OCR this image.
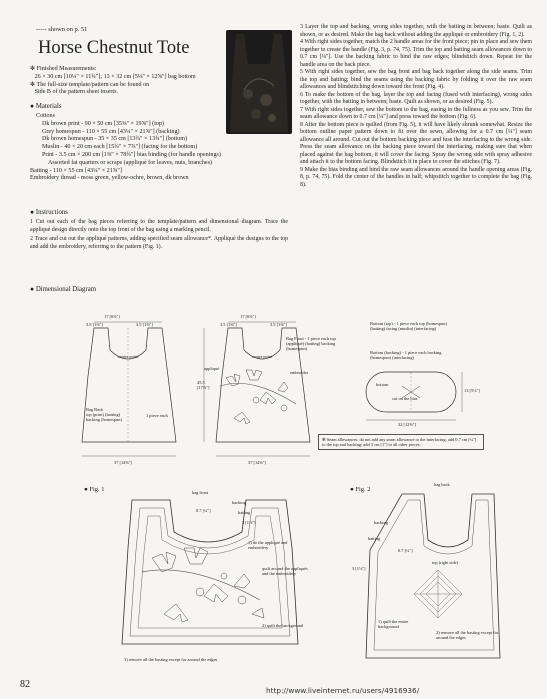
----- shown on p. 51
Horse Chestnut Tote
✻ Finished Measurements:
26 × 30 cm [10¼" × 11¾"]; 13 × 32 cm [5⅛" × 12⅝"] bag bottom
✻ The full-size template/pattern can be found on
Side B of the pattern sheet inserts.
● Materials
Cottons
Dk brown print - 90 × 50 cm [35⅜" × 19⅝"] (top)
Grey homespun - 110 × 55 cm [43¼" × 21⅝"] (backing)
Dk brown homespun - 35 × 35 cm [13¾" × 13¾"] (bottom)
Muslin - 40 × 20 cm each [15¾" × 7⅞"] (facing for the bottom)
Print - 3.5 cm × 200 cm [1⅜" × 78¾"] bias binding (for handle openings)
Assorted fat quarters or scraps (appliqué for leaves, nuts, branches)
Batting - 110 × 55 cm [43¼" × 21⅝"]
Embroidery thread - moss green, yellow-ochre, brown, dk brown
● Instructions

1 Cut out each of the bag pieces referring to the template/pattern and dimensional diagram. Trace the appliqué design directly onto the top front of the bag using a marking pencil.

2 Trace and cut out the appliqué patterns, adding specified seam allowance*. Appliqué the designs to the top and add the embroidery, referring to the pattern (Fig. 1).

● Dimensional Diagram

3 Layer the top and backing, wrong sides together, with the batting in between; baste. Quilt as shown, or as desired. Make the bag back without adding the appliqué or embroidery (Fig. 1, 2).

4 With right sides together, match the 2 handle areas for the front piece; pin in place and sew them together to create the handle (Fig. 3, p. 74, 75). Trim the top and batting seam allowances down to 0.7 cm [¼"]. Use the backing fabric to bind the raw edges; blindstitch down. Repeat for the handle area on the back piece.

5 With right sides together, sew the bag front and bag back together along the side seams. Trim the top and batting; bind the seams using the backing fabric by folding it over the raw seam allowances and blindstitching down toward the front (Fig. 4).

6 To make the bottom of the bag, layer the top and facing (fused with interfacing), wrong sides together, with the batting in between; baste. Quilt as shown, or as desired (Fig. 5).

7 With right sides together, sew the bottom to the bag, easing in the fullness as you sew. Trim the seam allowance down to 0.7 cm [¼"] and press toward the bottom (Fig. 6).

8 After the bottom piece is quilted (from Fig. 5), it will have likely shrunk somewhat. Resize the bottom outline paper pattern down to fit over the sewn, allowing for a 0.7 cm [¼"] seam allowance all around. Cut out the bottom backing piece and fuse the interfacing to the wrong side. Press the seam allowance on the backing piece toward the interfacing, making sure that when placed against the bag bottom, it will cover the facing. Spray the wrong side with spray adhesive and attach it to the bottom facing. Blindstitch it in place to cover the stitches (Fig. 7).

9 Make the bias binding and bind the raw seam allowances around the handle opening areas (Fig. 8, p. 74, 75). Fold the center of the handles in half; whipstitch together to complete the bag (Fig. 8).

17 [6⅝"]
3.5 [1⅜"]	3.5 [1⅜"]
center point
Bag Back
top (print) (batting) backing (homespun)
1 piece each
37 [14⅝"]
17 [6⅝"]
3.5 [1⅜"]	3.5 [1⅜"]
center point
45.5 [17⅞"]
appliqué
embroider
Bag Front - 1 piece each top (appliqué) (batting) backing (homespun)
37 [14⅝"]
Bottom (top) - 1 piece each top (homespun) (batting) facing (muslin) (interfacing)
Bottom (backing) - 1 piece each backing (homespun) (interfacing)
bottom
cut on the bias
13 [5⅛"]
32 [12⅝"]
✻ Seam allowances: do not add any seam allowance to the interfacing; add 0.7 cm [¼"] to the top and backing; add 3 cm [1"] to all other pieces.
● Fig. 1	bag front
backing
batting
0.7 [¼"]
3 [1⅛"]
1) do the appliqué and embroidery
quilt around the appliqués and the embroidery
2) quilt the background
3) remove all the basting except for around the edges
● Fig. 2
bag back
backing
batting
0.7 [¼"]
top (right side)
3 [1⅛"]
1) quilt the entire background
2) remove all the basting except for around the edges
82
http://www.liveinternet.ru/users/4916936/
